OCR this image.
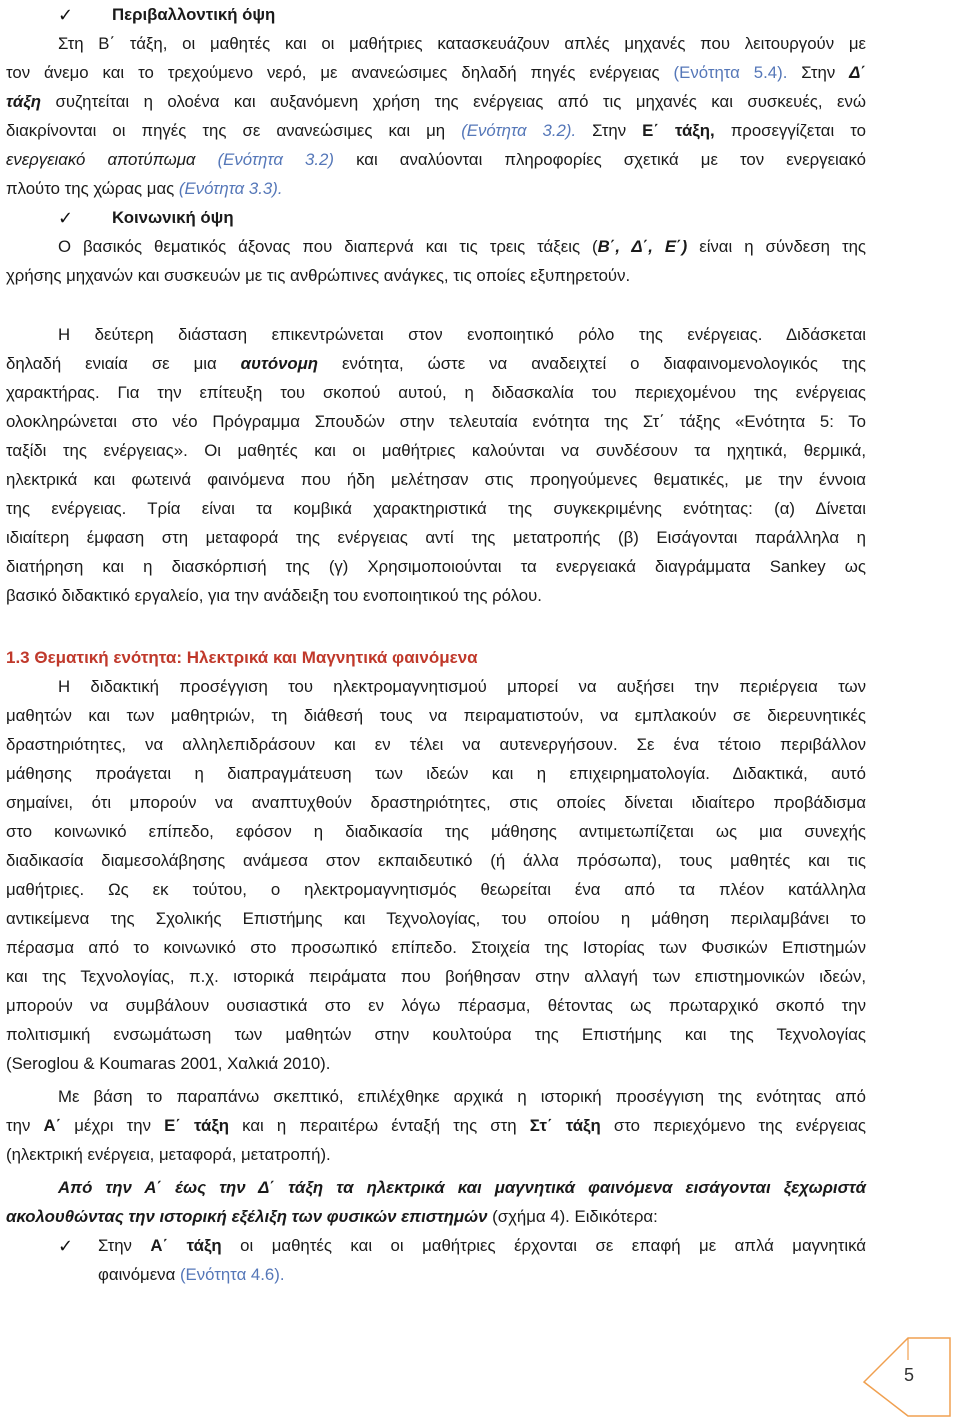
✓ Περιβαλλοντική όψη
Στη Β΄ τάξη, οι μαθητές και οι μαθήτριες κατασκευάζουν απλές μηχανές που λειτουργούν με
τον άνεμο και το τρεχούμενο νερό, με ανανεώσιμες δηλαδή πηγές ενέργειας (Ενότητα 5.4). Στην Δ΄
τάξη συζητείται η ολοένα και αυξανόμενη χρήση της ενέργειας από τις μηχανές και συσκευές, ενώ
διακρίνονται οι πηγές της σε ανανεώσιμες και μη (Ενότητα 3.2). Στην Ε΄ τάξη, προσεγγίζεται το
ενεργειακό αποτύπωμα (Ενότητα 3.2) και αναλύονται πληροφορίες σχετικά με τον ενεργειακό
πλούτο της χώρας μας (Ενότητα 3.3).
✓ Κοινωνική όψη
Ο βασικός θεματικός άξονας που διαπερνά και τις τρεις τάξεις (Β΄, Δ΄, Ε΄) είναι η σύνδεση της
χρήσης μηχανών και συσκευών με τις ανθρώπινες ανάγκες, τις οποίες εξυπηρετούν.
Η δεύτερη διάσταση επικεντρώνεται στον ενοποιητικό ρόλο της ενέργειας. Διδάσκεται
δηλαδή ενιαία σε μια αυτόνομη ενότητα, ώστε να αναδειχτεί ο διαφαινομενολογικός της
χαρακτήρας. Για την επίτευξη του σκοπού αυτού, η διδασκαλία του περιεχομένου της ενέργειας
ολοκληρώνεται στο νέο Πρόγραμμα Σπουδών στην τελευταία ενότητα της Στ΄ τάξης «Ενότητα 5: Το
ταξίδι της ενέργειας». Οι μαθητές και οι μαθήτριες καλούνται να συνδέσουν τα ηχητικά, θερμικά,
ηλεκτρικά και φωτεινά φαινόμενα που ήδη μελέτησαν στις προηγούμενες θεματικές, με την έννοια
της ενέργειας. Τρία είναι τα κομβικά χαρακτηριστικά της συγκεκριμένης ενότητας: (α) Δίνεται
ιδιαίτερη έμφαση στη μεταφορά της ενέργειας αντί της μετατροπής (β) Εισάγονται παράλληλα η
διατήρηση και η διασκόρπισή της (γ) Χρησιμοποιούνται τα ενεργειακά διαγράμματα Sankey ως
βασικό διδακτικό εργαλείο, για την ανάδειξη του ενοποιητικού της ρόλου.
1.3 Θεματική ενότητα: Ηλεκτρικά και Μαγνητικά φαινόμενα
Η διδακτική προσέγγιση του ηλεκτρομαγνητισμού μπορεί να αυξήσει την περιέργεια των
μαθητών και των μαθητριών, τη διάθεσή τους να πειραματιστούν, να εμπλακούν σε διερευνητικές
δραστηριότητες, να αλληλεπιδράσουν και εν τέλει να αυτενεργήσουν. Σε ένα τέτοιο περιβάλλον
μάθησης προάγεται η διαπραγμάτευση των ιδεών και η επιχειρηματολογία. Διδακτικά, αυτό
σημαίνει, ότι μπορούν να αναπτυχθούν δραστηριότητες, στις οποίες δίνεται ιδιαίτερο προβάδισμα
στο κοινωνικό επίπεδο, εφόσον η διαδικασία της μάθησης αντιμετωπίζεται ως μια συνεχής
διαδικασία διαμεσολάβησης ανάμεσα στον εκπαιδευτικό (ή άλλα πρόσωπα), τους μαθητές και τις
μαθήτριες. Ως εκ τούτου, ο ηλεκτρομαγνητισμός θεωρείται ένα από τα πλέον κατάλληλα
αντικείμενα της Σχολικής Επιστήμης και Τεχνολογίας, του οποίου η μάθηση περιλαμβάνει το
πέρασμα από το κοινωνικό στο προσωπικό επίπεδο. Στοιχεία της Ιστορίας των Φυσικών Επιστημών
και της Τεχνολογίας, π.χ. ιστορικά πειράματα που βοήθησαν στην αλλαγή των επιστημονικών ιδεών,
μπορούν να συμβάλουν ουσιαστικά στο εν λόγω πέρασμα, θέτοντας ως πρωταρχικό σκοπό την
πολιτισμική ενσωμάτωση των μαθητών στην κουλτούρα της Επιστήμης και της Τεχνολογίας
(Seroglou & Koumaras 2001, Χαλκιά 2010).
Με βάση το παραπάνω σκεπτικό, επιλέχθηκε αρχικά η ιστορική προσέγγιση της ενότητας από
την Α΄ μέχρι την Ε΄ τάξη και η περαιτέρω ένταξή της στη Στ΄ τάξη στο περιεχόμενο της ενέργειας
(ηλεκτρική ενέργεια, μεταφορά, μετατροπή).
Από την Α΄ έως την Δ΄ τάξη τα ηλεκτρικά και μαγνητικά φαινόμενα εισάγονται ξεχωριστά
ακολουθώντας την ιστορική εξέλιξη των φυσικών επιστημών (σχήμα 4). Ειδικότερα:
✓ Στην Α΄ τάξη οι μαθητές και οι μαθήτριες έρχονται σε επαφή με απλά μαγνητικά
φαινόμενα (Ενότητα 4.6).
5
